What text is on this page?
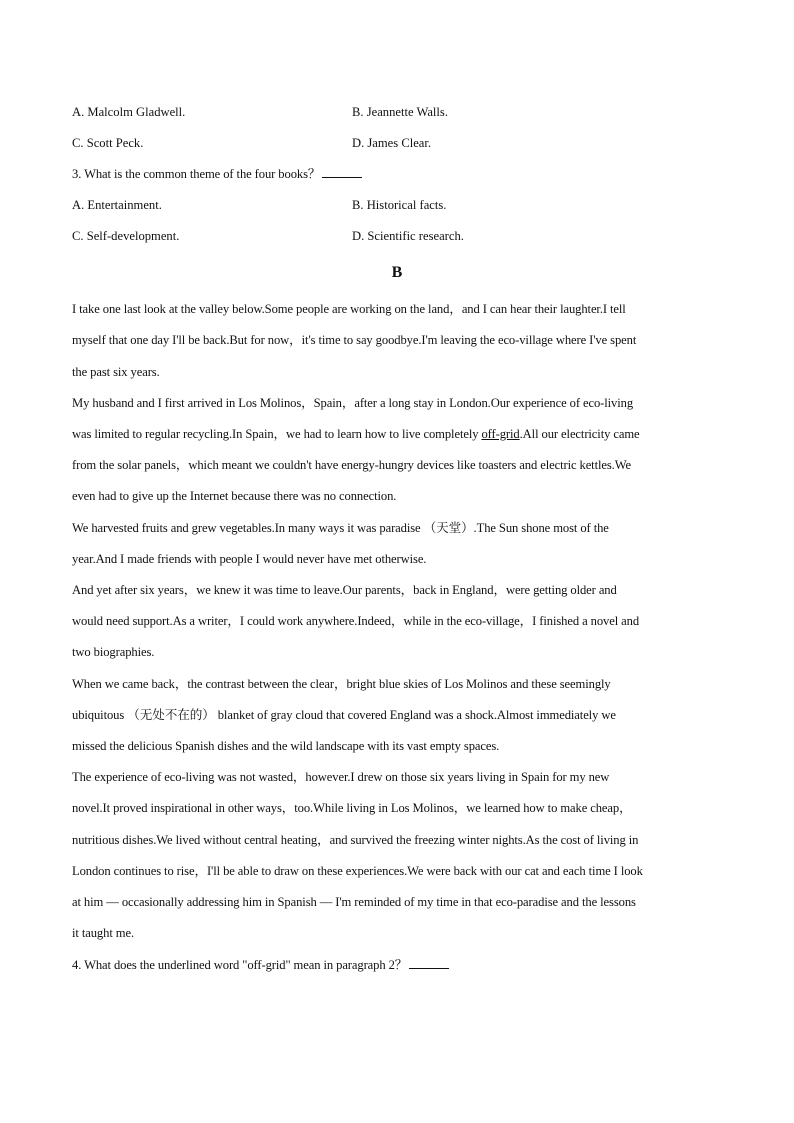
A. Malcolm Gladwell.	B. Jeannette Walls.
C. Scott Peck.	D. James Clear.
3. What is the common theme of the four books？
A. Entertainment.	B. Historical facts.
C. Self-development.	D. Scientific research.
B
I take one last look at the valley below.Some people are working on the land，and I can hear their laughter.I tell
myself that one day I'll be back.But for now，it's time to say goodbye.I'm leaving the eco-village where I've spent
the past six years.
My husband and I first arrived in Los Molinos，Spain，after a long stay in London.Our experience of eco-living
was limited to regular recycling.In Spain，we had to learn how to live completely off-grid.All our electricity came
from the solar panels，which meant we couldn't have energy-hungry devices like toasters and electric kettles.We
even had to give up the Internet because there was no connection.
We harvested fruits and grew vegetables.In many ways it was paradise （天堂）.The Sun shone most of the
year.And I made friends with people I would never have met otherwise.
And yet after six years，we knew it was time to leave.Our parents，back in England，were getting older and
would need support.As a writer，I could work anywhere.Indeed，while in the eco-village，I finished a novel and
two biographies.
When we came back，the contrast between the clear，bright blue skies of Los Molinos and these seemingly
ubiquitous （无处不在的） blanket of gray cloud that covered England was a shock.Almost immediately we
missed the delicious Spanish dishes and the wild landscape with its vast empty spaces.
The experience of eco-living was not wasted，however.I drew on those six years living in Spain for my new
novel.It proved inspirational in other ways，too.While living in Los Molinos，we learned how to make cheap，
nutritious dishes.We lived without central heating，and survived the freezing winter nights.As the cost of living in
London continues to rise，I'll be able to draw on these experiences.We were back with our cat and each time I look
at him — occasionally addressing him in Spanish — I'm reminded of my time in that eco-paradise and the lessons
it taught me.
4. What does the underlined word "off-grid" mean in paragraph 2？
